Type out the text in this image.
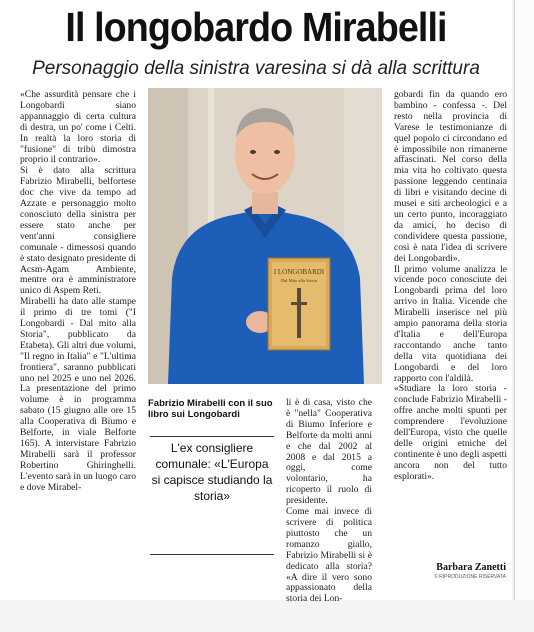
Il longobardo Mirabelli
Personaggio della sinistra varesina si dà alla scrittura

«Che assurdità pensare che i Longobardi siano appannaggio di certa cultura di destra, un po' come i Celti. In realtà la loro storia di "fusione" di tribù dimostra proprio il contrario».

Si è dato alla scrittura Fabrizio Mirabelli, belfortese doc che vive da tempo ad Azzate e personaggio molto conosciuto della sinistra per essere stato anche per vent'anni consigliere comunale - dimessosi quando è stato designato presidente di Acsm-Agam Ambiente, mentre ora è amministratore unico di Aspem Reti.

Mirabelli ha dato alle stampe il primo di tre tomi ("I Longobardi - Dal mito alla Storia", pubblicato da Etabeta). Gli altri due volumi, "Il regno in Italia" e "L'ultima frontiera", saranno pubblicati uno nel 2025 e uno nel 2026. La presentazione del primo volume è in programma sabato (15 giugno alle ore 15 alla Cooperativa di Biumo e Belforte, in viale Belforte 165). A intervistare Fabrizio Mirabelli sarà il professor Robertino Ghiringhelli. L'evento sarà in un luogo caro e dove Mirabel-

I LONGOBARDI
Dal Mito alla Storia
Fabrizio Mirabelli con il suo libro sui Longobardi
L'ex consigliere comunale: «L'Europa si capisce studiando la storia»

li è di casa, visto che è "nella" Cooperativa di Biumo Inferiore e Belforte da molti anni e che dal 2002 al 2008 e dal 2015 a oggi, come volontario, ha ricoperto il ruolo di presidente.

Come mai invece di scrivere di politica piuttosto che un romanzo giallo, Fabrizio Mirabelli si è dedicato alla storia? «A dire il vero sono appassionato della storia dei Lon-

gobardi fin da quando ero bambino - confessa -. Del resto nella provincia di Varese le testimonianze di quel popolo ci circondano ed è impossibile non rimanerne affascinati. Nel corso della mia vita ho coltivato questa passione leggendo centinaia di libri e visitando decine di musei e siti archeologici e a un certo punto, incoraggiato da amici, ho deciso di condividere questa passione, così è nata l'idea di scrivere dei Longobardi».

Il primo volume analizza le vicende poco conosciute dei Longobardi prima del loro arrivo in Italia. Vicende che Mirabelli inserisce nel più ampio panorama della storia d'Italia e dell'Europa raccontando anche tanto della vita quotidiana dei Longobardi e del loro rapporto con l'aldilà.

«Studiare la loro storia - conclude Fabrizio Mirabelli - offre anche molti spunti per comprendere l'evoluzione dell'Europa, visto che quelle delle origini etniche del continente è uno degli aspetti ancora non del tutto esplorati».

Barbara Zanetti
© RIPRODUZIONE RISERVATA
